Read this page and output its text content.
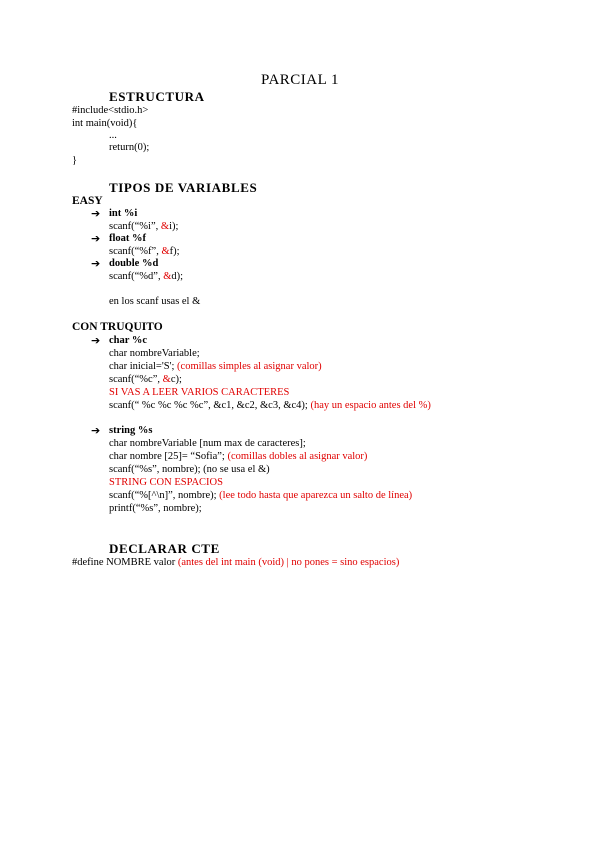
PARCIAL 1
ESTRUCTURA
#include<stdio.h>
int main(void){
...
return(0);
}
TIPOS DE VARIABLES
EASY
➔ int %i
scanf(“%i”, &i);
➔ float %f
scanf(“%f”, &f);
➔ double %d
scanf(“%d”, &d);
en los scanf usas el &
CON TRUQUITO
➔ char %c
char nombreVariable;
char inicial='S'; (comillas simples al asignar valor)
scanf(“%c”, &c);
SI VAS A LEER VARIOS CARACTERES
scanf(“ %c %c %c %c”, &c1, &c2, &c3, &c4); (hay un espacio antes del %)
➔ string %s
char nombreVariable [num max de caracteres];
char nombre [25]= “Sofia”; (comillas dobles al asignar valor)
scanf(“%s”, nombre); (no se usa el &)
STRING CON ESPACIOS
scanf(“%[^\n]”, nombre); (lee todo hasta que aparezca un salto de línea)
printf(“%s”, nombre);
DECLARAR CTE
#define NOMBRE valor (antes del int main (void) | no pones = sino espacios)
